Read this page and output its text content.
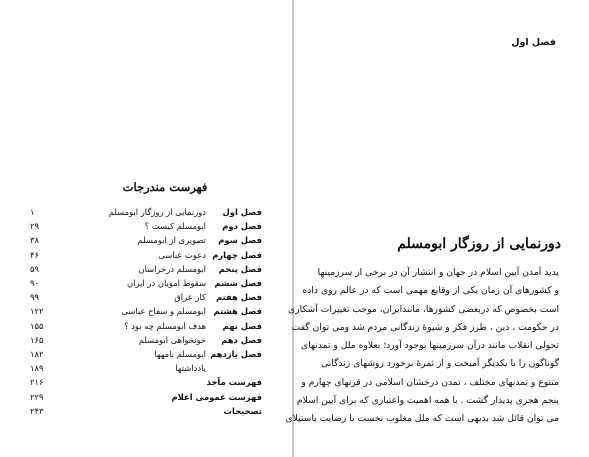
فهرست مندرجات
فصل اول
دورنمایی از روزگار ابومسلم
۱
فصل دوم
ابومسلم کیست ؟
۲۹
فصل سوم
تصویری از ابومسلم
۳۸
فصل چهارم
دعوت عباسی
۴۶
فصل پنجم
ابومسلم درخراسان
۵۹
فصل ششم
سقوط امویان در ایران
۹۰
فصل هفتم
کار عراق
۹۹
فصل هشتم
ابومسلم و سفاح عباسی
۱۲۲
فصل نهم
هدف ابومسلم چه بود ؟
۱۵۵
فصل دهم
خونخواهی ابومسلم
۱۶۵
فصل یازدهم
ابومسلم نامهها
۱۸۲
یادداشتها
۱۸۹
فهرست مآخذ
۲۱۶
فهرست عمومی اعلام
۲۲۹
تصحیحات
۲۴۳
فصل اول
دورنمایی از روزگار ابومسلم
پدید آمدن آیین اسلام در جهان و انتشار آن در برخی از سرزمینها
و کشورهای آن زمان یکی از وقایع مهمی است که در عالم روی داده
است بخصوص که دربعضی کشورها، مانندایران، موجب تغییرات آشکاری
در حکومت ، دین ، طرز فکر و شیوهٔ زندگانی مردم شد ومی توان گفت
تحولی انقلاب مانند درآن سرزمینها بوجود آورد؛ بعلاوه ملل و تمدنهای
گوناگون را با یکدیگر آمیخت و از ثمرهٔ برخورد روشهای زندگانی
متنوع و تمدنهای مختلف ، تمدن درخشان اسلامی در قرنهای چهارم و
پنجم هجری پدیدار گشت . با همه اهمیت واعتباری که برای آیین اسلام
می توان قائل شد بدیهی است که ملل مغلوب نخست با رضایت باستیلای
